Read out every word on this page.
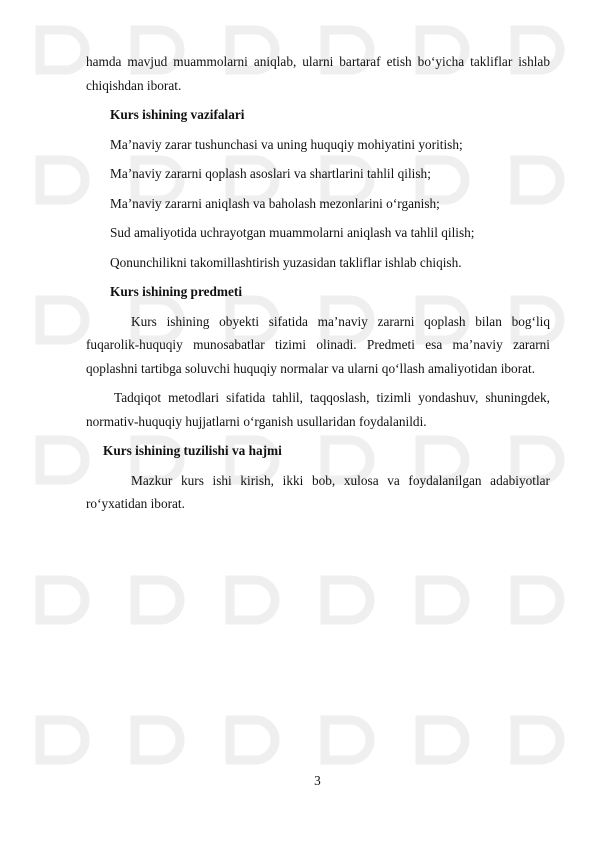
hamda mavjud muammolarni aniqlab, ularni bartaraf etish bo‘yicha takliflar ishlab chiqishdan iborat.

Kurs ishining vazifalari
Ma’naviy zarar tushunchasi va uning huquqiy mohiyatini yoritish;
Ma’naviy zararni qoplash asoslari va shartlarini tahlil qilish;
Ma’naviy zararni aniqlash va baholash mezonlarini o‘rganish;
Sud amaliyotida uchrayotgan muammolarni aniqlash va tahlil qilish;
Qonunchilikni takomillashtirish yuzasidan takliflar ishlab chiqish.
Kurs ishining predmeti

Kurs ishining obyekti sifatida ma’naviy zararni qoplash bilan bog‘liq fuqarolik-huquqiy munosabatlar tizimi olinadi. Predmeti esa ma’naviy zararni qoplashni tartibga soluvchi huquqiy normalar va ularni qo‘llash amaliyotidan iborat.

Tadqiqot metodlari sifatida tahlil, taqqoslash, tizimli yondashuv, shuningdek, normativ-huquqiy hujjatlarni o‘rganish usullaridan foydalanildi.

Kurs ishining tuzilishi va hajmi

Mazkur kurs ishi kirish, ikki bob, xulosa va foydalanilgan adabiyotlar ro‘yxatidan iborat.

3
